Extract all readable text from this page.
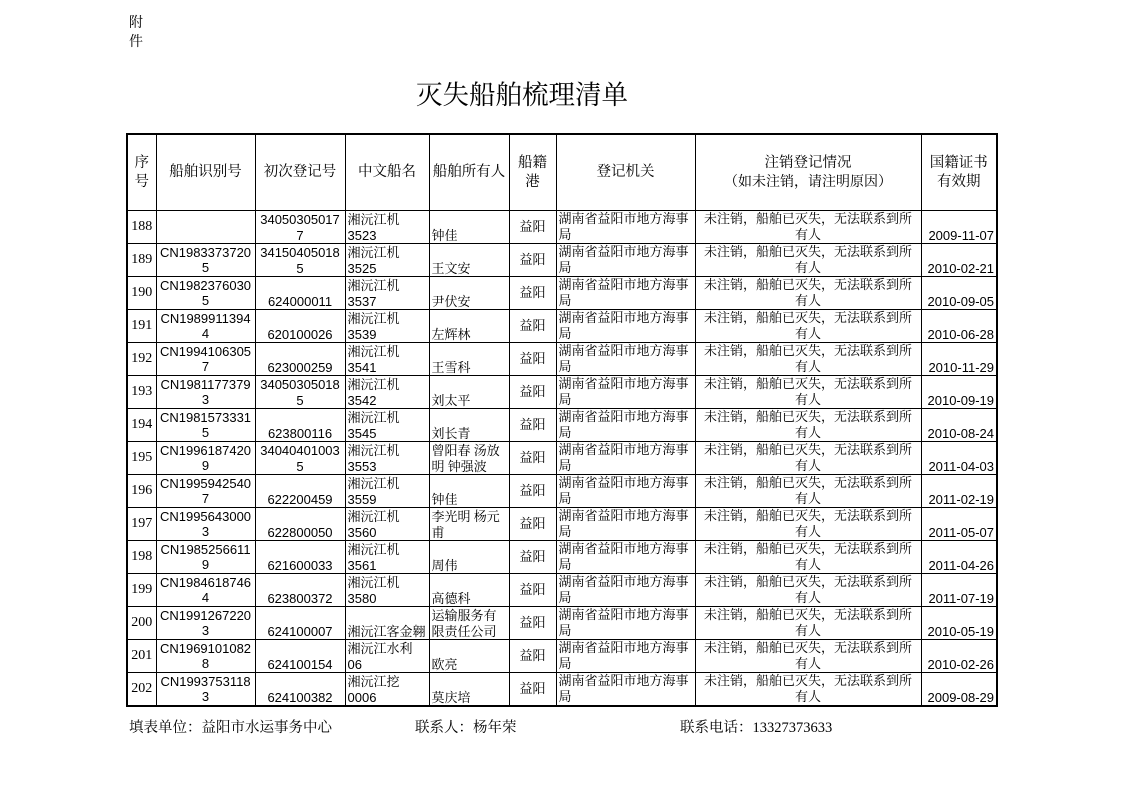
附
件
灭失船舶梳理清单
序
号	船舶识别号	初次登记号	中文船名	船舶所有人	船籍
港	登记机关	注销登记情况
（如未注销，请注明原因）	国籍证书
有效期

188		34050305017
7	湘沅江机
3523	钟佳	益阳	湖南省益阳市地方海事
局	未注销，船舶已灭失，无法联系到所
有人	2009-11-07

189	CN1983373720
5	34150405018
5	湘沅江机
3525	王文安	益阳	湖南省益阳市地方海事
局	未注销，船舶已灭失，无法联系到所
有人	2010-02-21

190	CN1982376030
5	624000011	湘沅江机
3537	尹伏安	益阳	湖南省益阳市地方海事
局	未注销，船舶已灭失，无法联系到所
有人	2010-09-05

191	CN1989911394
4	620100026	湘沅江机
3539	左辉林	益阳	湖南省益阳市地方海事
局	未注销，船舶已灭失，无法联系到所
有人	2010-06-28

192	CN1994106305
7	623000259	湘沅江机
3541	王雪科	益阳	湖南省益阳市地方海事
局	未注销，船舶已灭失，无法联系到所
有人	2010-11-29

193	CN1981177379
3	34050305018
5	湘沅江机
3542	刘太平	益阳	湖南省益阳市地方海事
局	未注销，船舶已灭失，无法联系到所
有人	2010-09-19

194	CN1981573331
5	623800116	湘沅江机
3545	刘长青	益阳	湖南省益阳市地方海事
局	未注销，船舶已灭失，无法联系到所
有人	2010-08-24

195	CN1996187420
9	34040401003
5	湘沅江机
3553	曾阳春 汤放
明 钟强波	益阳	湖南省益阳市地方海事
局	未注销，船舶已灭失，无法联系到所
有人	2011-04-03

196	CN1995942540
7	622200459	湘沅江机
3559	钟佳	益阳	湖南省益阳市地方海事
局	未注销，船舶已灭失，无法联系到所
有人	2011-02-19

197	CN1995643000
3	622800050	湘沅江机
3560	李光明 杨元
甫	益阳	湖南省益阳市地方海事
局	未注销，船舶已灭失，无法联系到所
有人	2011-05-07

198	CN1985256611
9	621600033	湘沅江机
3561	周伟	益阳	湖南省益阳市地方海事
局	未注销，船舶已灭失，无法联系到所
有人	2011-04-26

199	CN1984618746
4	623800372	湘沅江机
3580	高德科	益阳	湖南省益阳市地方海事
局	未注销，船舶已灭失，无法联系到所
有人	2011-07-19

200	CN1991267220
3	624100007	湘沅江客金翱	运输服务有
限责任公司	益阳	湖南省益阳市地方海事
局	未注销，船舶已灭失，无法联系到所
有人	2010-05-19

201	CN1969101082
8	624100154	湘沅江水利
06	欧亮	益阳	湖南省益阳市地方海事
局	未注销，船舶已灭失，无法联系到所
有人	2010-02-26

202	CN1993753118
3	624100382	湘沅江挖
0006	莫庆培	益阳	湖南省益阳市地方海事
局	未注销，船舶已灭失，无法联系到所
有人	2009-08-29
填表单位：益阳市水运事务中心	联系人：杨年荣	联系电话：13327373633
